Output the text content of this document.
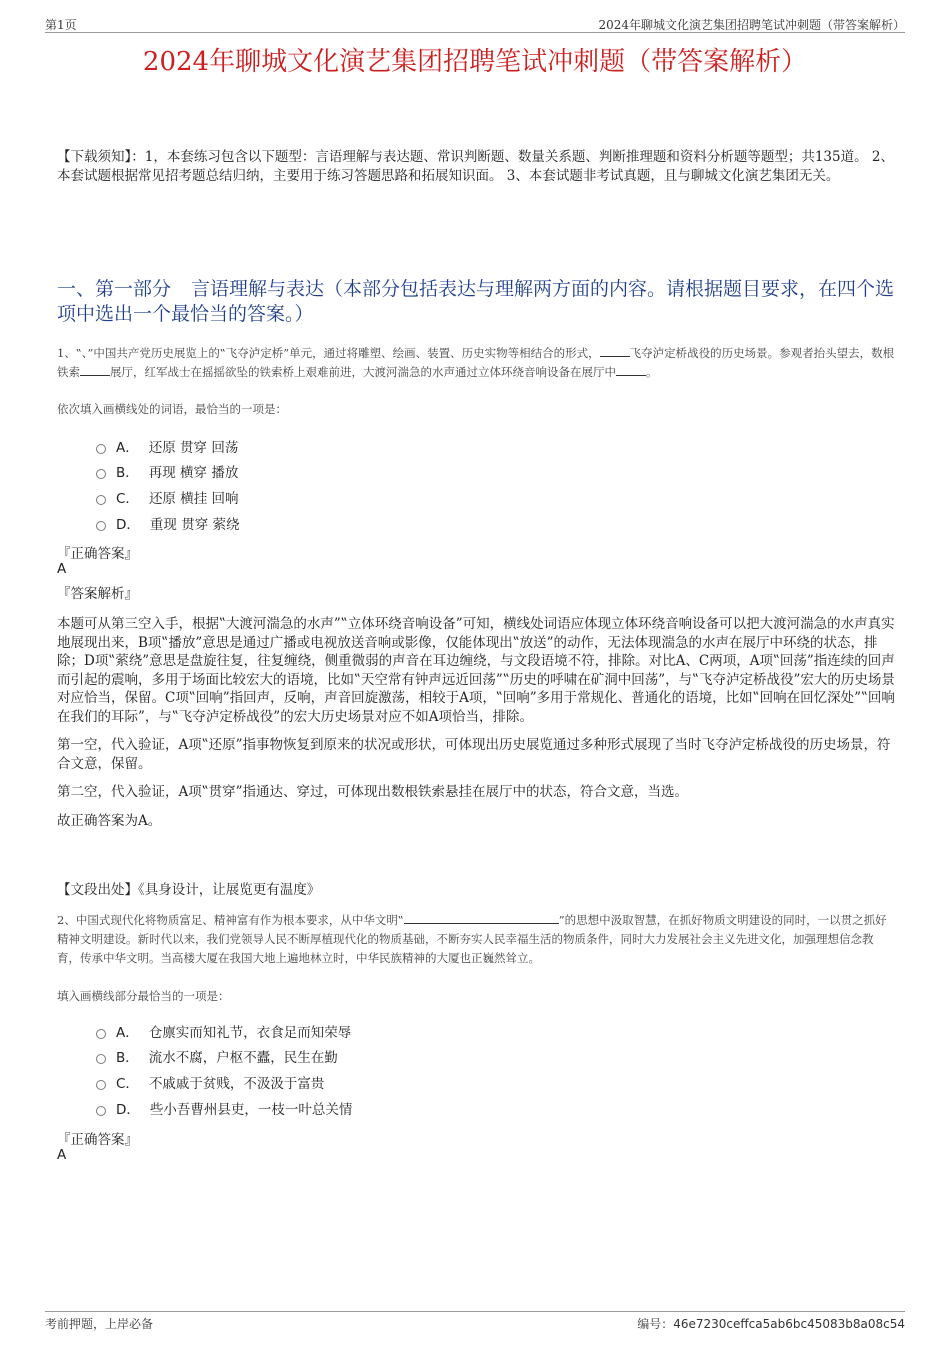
第1页	2024年聊城文化演艺集团招聘笔试冲刺题（带答案解析）
2024年聊城文化演艺集团招聘笔试冲刺题（带答案解析）
【下载须知】：1，本套练习包含以下题型：言语理解与表达题、常识判断题、数量关系题、判断推理题和资料分析题等题型；共135道。 2、本套试题根据常见招考题总结归纳，主要用于练习答题思路和拓展知识面。 3、本套试题非考试真题，且与聊城文化演艺集团无关。
一、第一部分 言语理解与表达（本部分包括表达与理解两方面的内容。请根据题目要求，在四个选项中选出一个最恰当的答案。）
1、‟、”中国共产党历史展览上的‟飞夺泸定桥”单元，通过将雕塑、绘画、装置、历史实物等相结合的形式，	飞夺泸定桥战役的历史场景。参观者抬头望去，数根铁索	展厅，红军战士在摇摇欲坠的铁索桥上艰难前进，大渡河湍急的水声通过立体环绕音响设备在展厅中	。
依次填入画横线处的词语，最恰当的一项是：
A． 还原 贯穿 回荡
B． 再现 横穿 播放
C． 还原 横挂 回响
D． 重现 贯穿 萦绕
『正确答案』
A
『答案解析』

本题可从第三空入手，根据‟大渡河湍急的水声”‟立体环绕音响设备”可知，横线处词语应体现立体环绕音响设备可以把大渡河湍急的水声真实地展现出来，B项‟播放”意思是通过广播或电视放送音响或影像，仅能体现出‟放送”的动作，无法体现湍急的水声在展厅中环绕的状态，排除；D项‟萦绕”意思是盘旋往复，往复缠绕，侧重微弱的声音在耳边缠绕，与文段语境不符，排除。对比A、C两项，A项‟回荡”指连续的回声而引起的震响，多用于场面比较宏大的语境，比如‟天空常有钟声远近回荡”‟历史的呼啸在矿洞中回荡”，与‟飞夺泸定桥战役”宏大的历史场景对应恰当，保留。C项‟回响”指回声，反响，声音回旋激荡，相较于A项，‟回响”多用于常规化、普通化的语境，比如‟回响在回忆深处”‟回响在我们的耳际”，与‟飞夺泸定桥战役”的宏大历史场景对应不如A项恰当，排除。

第一空，代入验证，A项‟还原”指事物恢复到原来的状况或形状，可体现出历史展览通过多种形式展现了当时飞夺泸定桥战役的历史场景，符合文意，保留。

第二空，代入验证，A项‟贯穿”指通达、穿过，可体现出数根铁索悬挂在展厅中的状态，符合文意，当选。

故正确答案为A。

【文段出处】《具身设计，让展览更有温度》
2、中国式现代化将物质富足、精神富有作为根本要求，从中华文明‟	”的思想中汲取智慧，在抓好物质文明建设的同时，一以贯之抓好精神文明建设。新时代以来，我们党领导人民不断厚植现代化的物质基础，不断夯实人民幸福生活的物质条件，同时大力发展社会主义先进文化，加强理想信念教育，传承中华文明。当高楼大厦在我国大地上遍地林立时，中华民族精神的大厦也正巍然耸立。
填入画横线部分最恰当的一项是：
A． 仓廪实而知礼节，衣食足而知荣辱
B． 流水不腐，户枢不蠹，民生在勤
C． 不戚戚于贫贱，不汲汲于富贵
D． 些小吾曹州县吏，一枝一叶总关情
『正确答案』
A
考前押题，上岸必备	编号：46e7230ceffca5ab6bc45083b8a08c54
